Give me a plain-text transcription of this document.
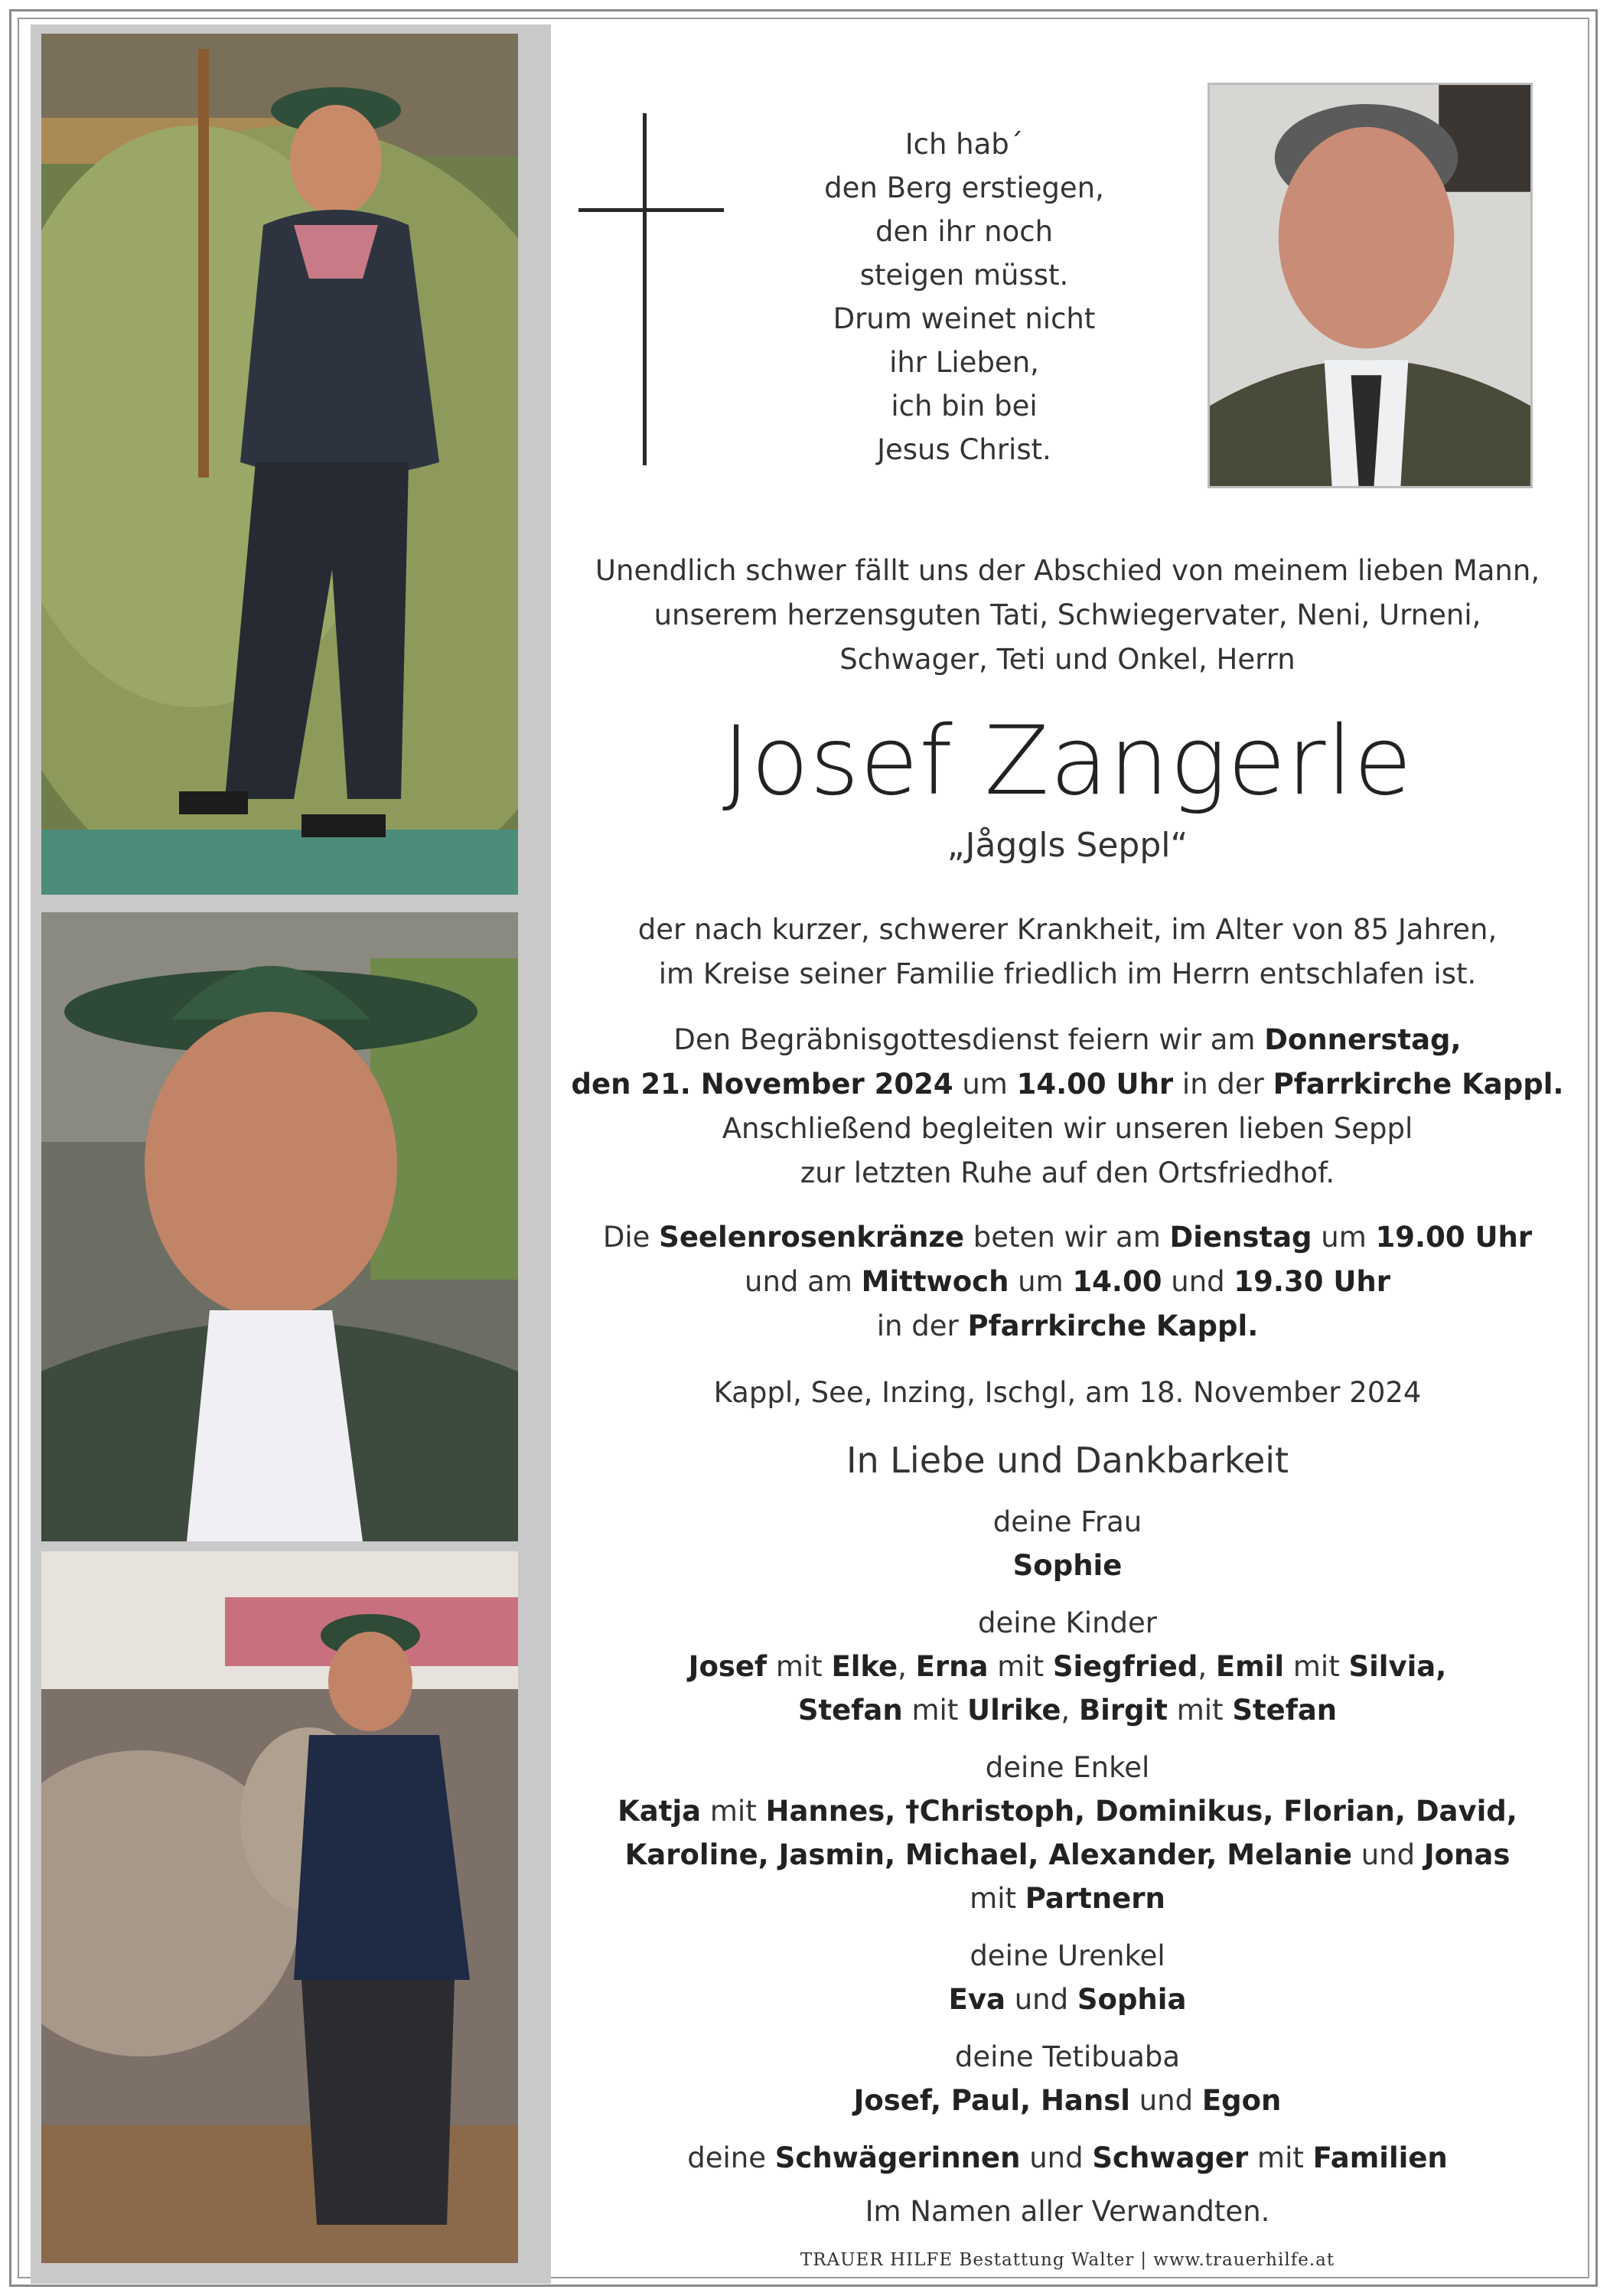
Ich hab´
den Berg erstiegen,
den ihr noch
steigen müsst.
Drum weinet nicht
ihr Lieben,
ich bin bei
Jesus Christ.
Unendlich schwer fällt uns der Abschied von meinem lieben Mann,
unserem herzensguten Tati, Schwiegervater, Neni, Urneni,
Schwager, Teti und Onkel, Herrn
Josef Zangerle
„Jåggls Seppl“
der nach kurzer, schwerer Krankheit, im Alter von 85 Jahren,
im Kreise seiner Familie friedlich im Herrn entschlafen ist.
Den Begräbnisgottesdienst feiern wir am Donnerstag,
den 21. November 2024 um 14.00 Uhr in der Pfarrkirche Kappl.
Anschließend begleiten wir unseren lieben Seppl
zur letzten Ruhe auf den Ortsfriedhof.
Die Seelenrosenkränze beten wir am Dienstag um 19.00 Uhr
und am Mittwoch um 14.00 und 19.30 Uhr
in der Pfarrkirche Kappl.
Kappl, See, Inzing, Ischgl, am 18. November 2024
In Liebe und Dankbarkeit
deine Frau
Sophie
deine Kinder
Josef mit Elke, Erna mit Siegfried, Emil mit Silvia,
Stefan mit Ulrike, Birgit mit Stefan
deine Enkel
Katja mit Hannes, †Christoph, Dominikus, Florian, David,
Karoline, Jasmin, Michael, Alexander, Melanie und Jonas
mit Partnern
deine Urenkel
Eva und Sophia
deine Tetibuaba
Josef, Paul, Hansl und Egon
deine Schwägerinnen und Schwager mit Familien
Im Namen aller Verwandten.
TRAUER HILFE Bestattung Walter | www.trauerhilfe.at
